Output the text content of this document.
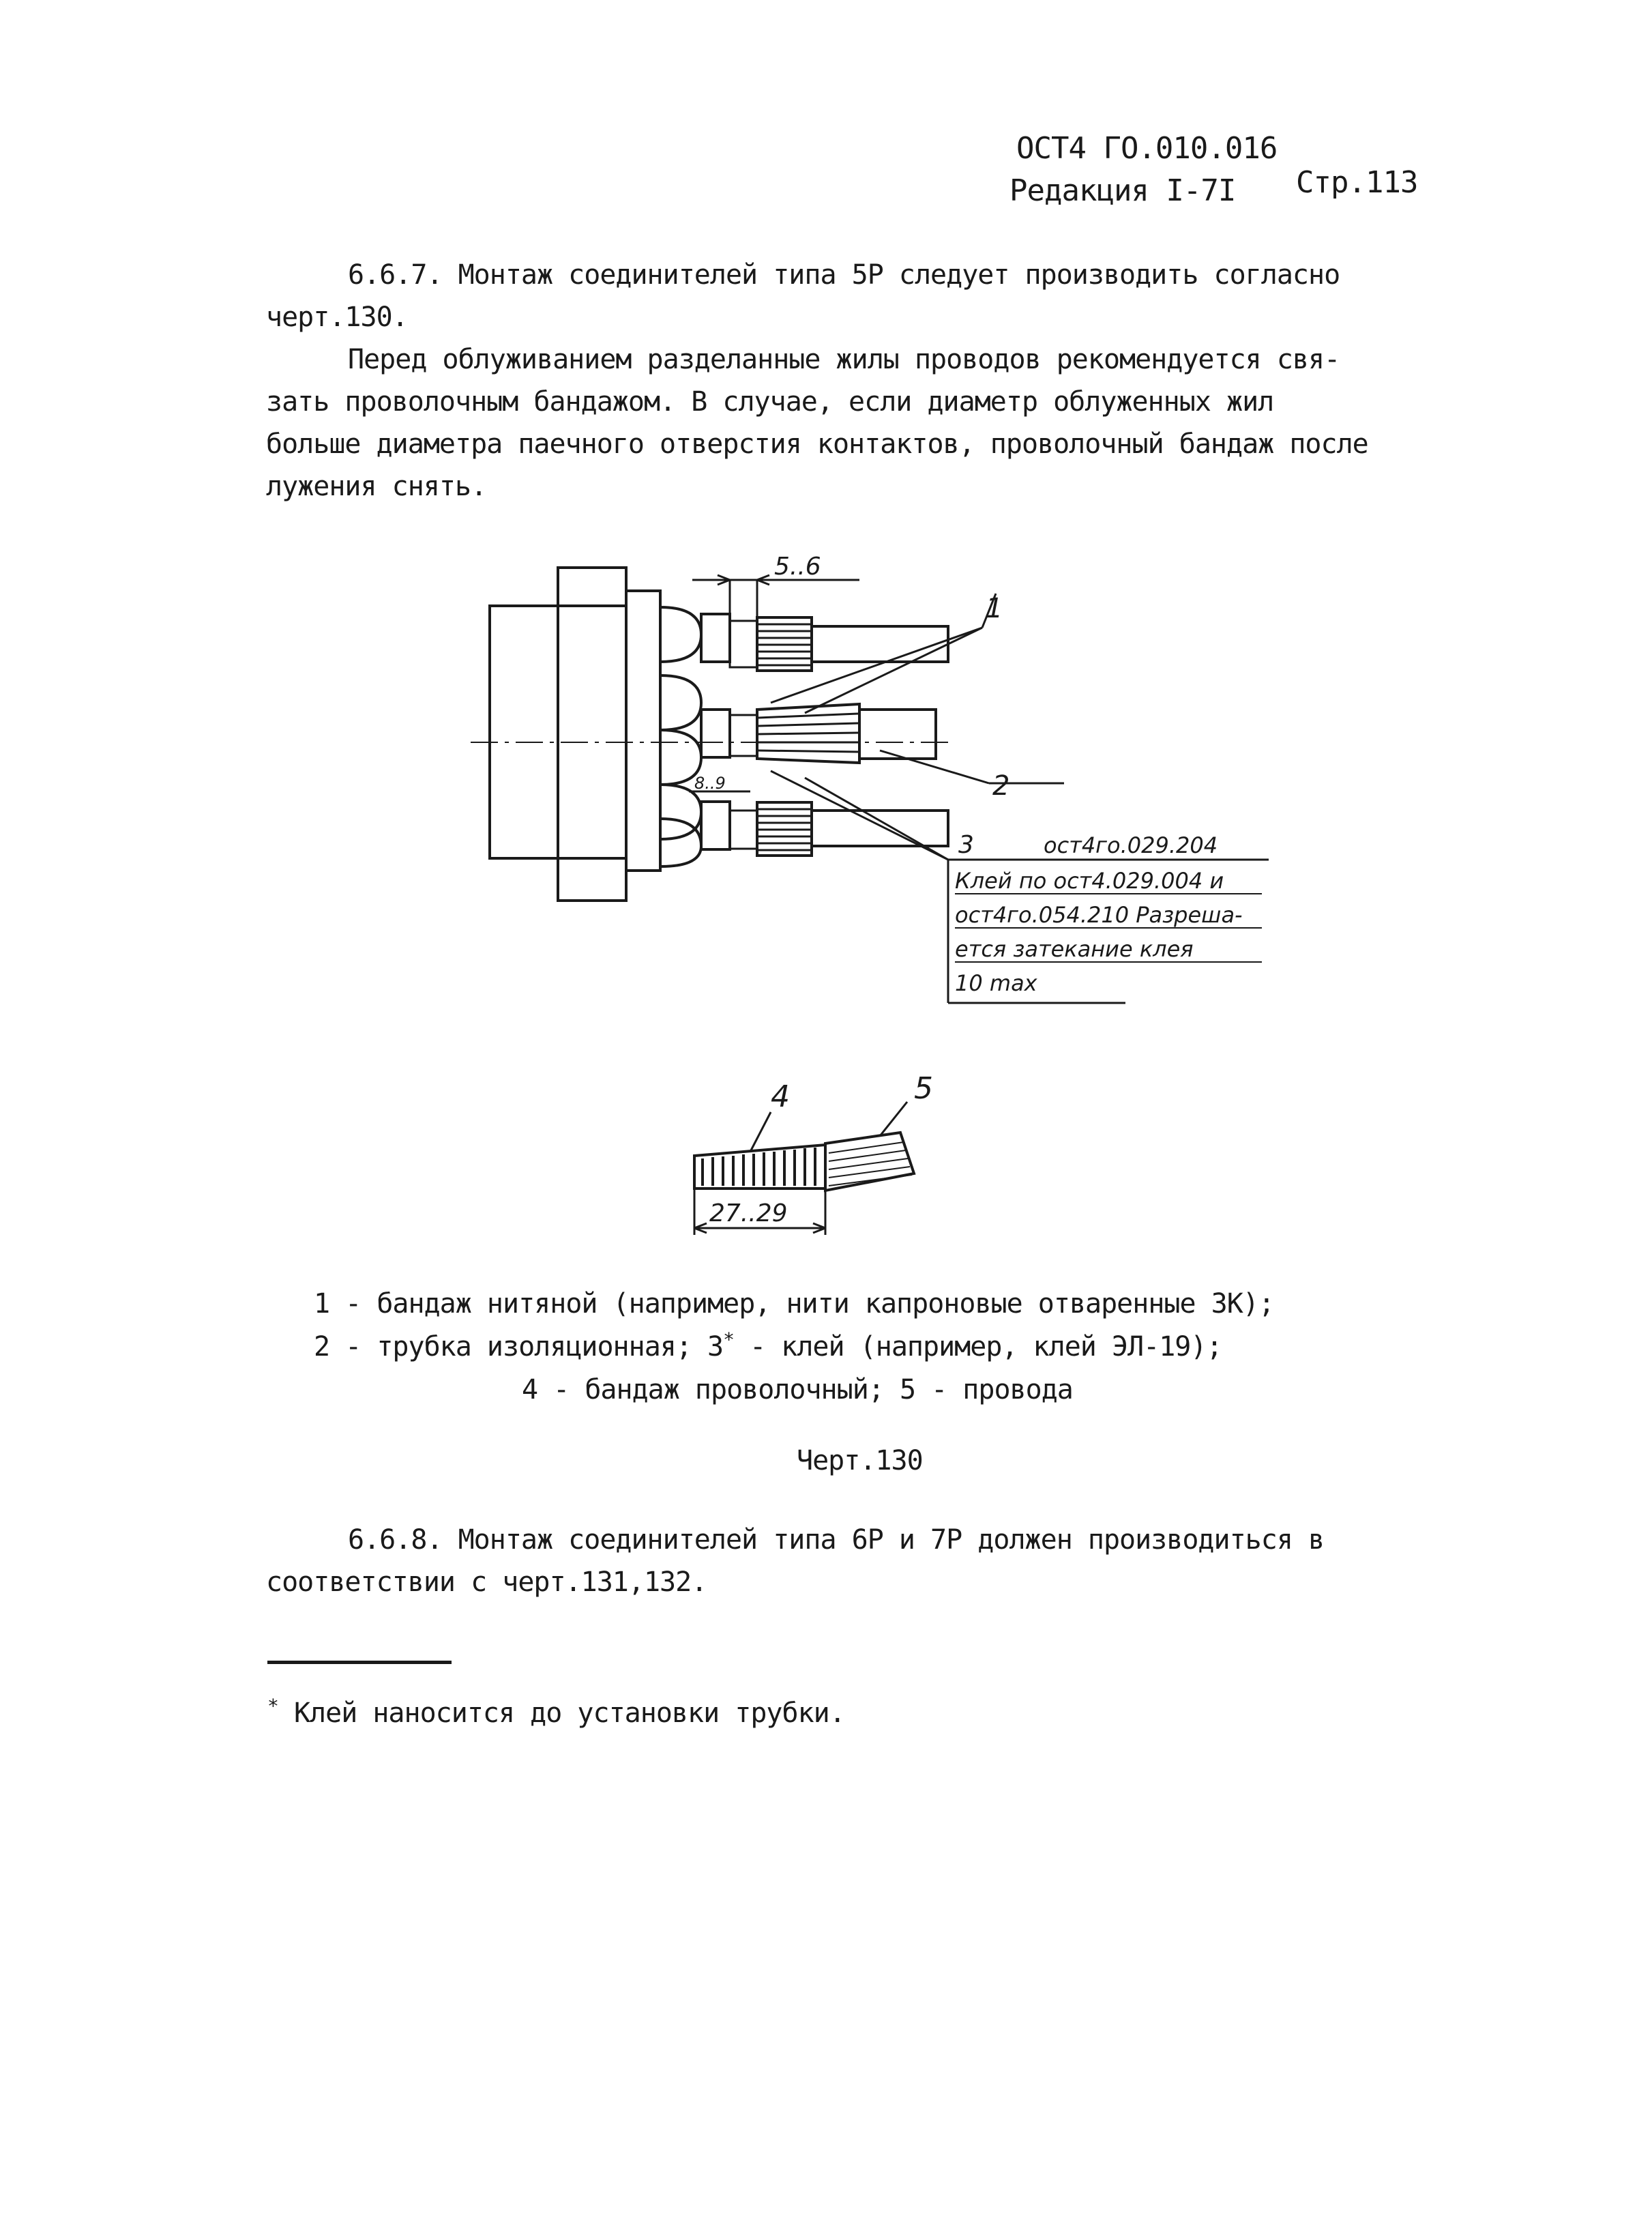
ОСТ4 ГО.010.016
Редакция I-7I Стр.113
6.6.7. Монтаж соединителей типа 5Р следует производить согласно
черт.130.
Перед облуживанием разделанные жилы проводов рекомендуется свя-
зать проволочным бандажом. В случае, если диаметр облуженных жил
больше диаметра паечного отверстия контактов, проволочный бандаж после
лужения снять.
8..9
5..6
1
2
3	ост4го.029.204
Клей по ост4.029.004 и
ост4го.054.210 Разреша-
ется затекание клея
10 max
27..29
4	5
1 - бандаж нитяной (например, нити капроновые отваренные 3К);
2 - трубка изоляционная; 3* - клей (например, клей ЭЛ-19);
4 - бандаж проволочный; 5 - провода
Черт.130
6.6.8. Монтаж соединителей типа 6Р и 7Р должен производиться в
соответствии с черт.131,132.
* Клей наносится до установки трубки.
